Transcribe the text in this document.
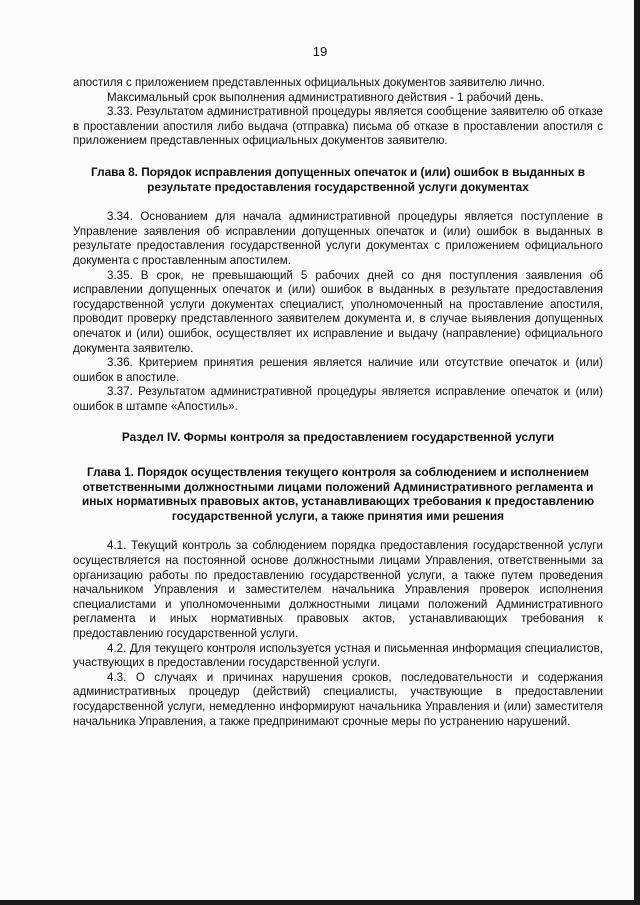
19

апостиля с приложением представленных официальных документов заявителю лично.

Максимальный срок выполнения административного действия - 1 рабочий день.

3.33. Результатом административной процедуры является сообщение заявителю об отказе в проставлении апостиля либо выдача (отправка) письма об отказе в проставлении апостиля с приложением представленных официальных документов заявителю.

Глава 8. Порядок исправления допущенных опечаток и (или) ошибок в выданных в результате предоставления государственной услуги документах

3.34. Основанием для начала административной процедуры является поступление в Управление заявления об исправлении допущенных опечаток и (или) ошибок в выданных в результате предоставления государственной услуги документах с приложением официального документа с проставленным апостилем.

3.35. В срок, не превышающий 5 рабочих дней со дня поступления заявления об исправлении допущенных опечаток и (или) ошибок в выданных в результате предоставления государственной услуги документах специалист, уполномоченный на проставление апостиля, проводит проверку представленного заявителем документа и, в случае выявления допущенных опечаток и (или) ошибок, осуществляет их исправление и выдачу (направление) официального документа заявителю.

3.36. Критерием принятия решения является наличие или отсутствие опечаток и (или) ошибок в апостиле.

3.37. Результатом административной процедуры является исправление опечаток и (или) ошибок в штампе «Апостиль».

Раздел IV. Формы контроля за предоставлением государственной услуги
Глава 1. Порядок осуществления текущего контроля за соблюдением и исполнением ответственными должностными лицами положений Административного регламента и иных нормативных правовых актов, устанавливающих требования к предоставлению государственной услуги, а также принятия ими решения

4.1. Текущий контроль за соблюдением порядка предоставления государственной услуги осуществляется на постоянной основе должностными лицами Управления, ответственными за организацию работы по предоставлению государственной услуги, а также путем проведения начальником Управления и заместителем начальника Управления проверок исполнения специалистами и уполномоченными должностными лицами положений Административного регламента и иных нормативных правовых актов, устанавливающих требования к предоставлению государственной услуги.

4.2. Для текущего контроля используется устная и письменная информация специалистов, участвующих в предоставлении государственной услуги.

4.3. О случаях и причинах нарушения сроков, последовательности и содержания административных процедур (действий) специалисты, участвующие в предоставлении государственной услуги, немедленно информируют начальника Управления и (или) заместителя начальника Управления, а также предпринимают срочные меры по устранению нарушений.
